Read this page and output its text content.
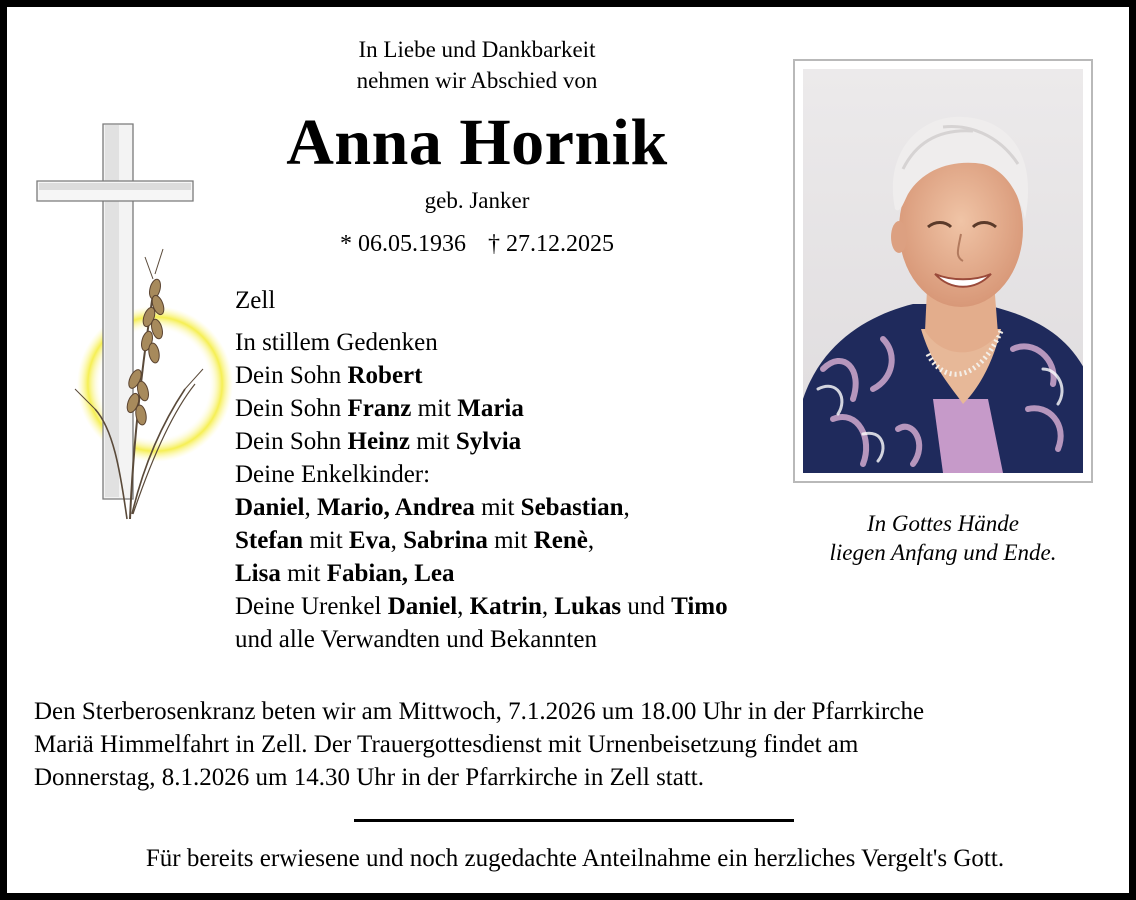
In Liebe und Dankbarkeit
nehmen wir Abschied von
Anna Hornik
geb. Janker
* 06.05.1936 † 27.12.2025
Zell
In stillem Gedenken
Dein Sohn Robert
Dein Sohn Franz mit Maria
Dein Sohn Heinz mit Sylvia
Deine Enkelkinder:
Daniel, Mario, Andrea mit Sebastian,
Stefan mit Eva, Sabrina mit Renè,
Lisa mit Fabian, Lea
Deine Urenkel Daniel, Katrin, Lukas und Timo
und alle Verwandten und Bekannten
In Gottes Hände
liegen Anfang und Ende.
Den Sterberosenkranz beten wir am Mittwoch, 7.1.2026 um 18.00 Uhr in der Pfarrkirche
Mariä Himmelfahrt in Zell. Der Trauergottesdienst mit Urnenbeisetzung findet am
Donnerstag, 8.1.2026 um 14.30 Uhr in der Pfarrkirche in Zell statt.
Für bereits erwiesene und noch zugedachte Anteilnahme ein herzliches Vergelt's Gott.
